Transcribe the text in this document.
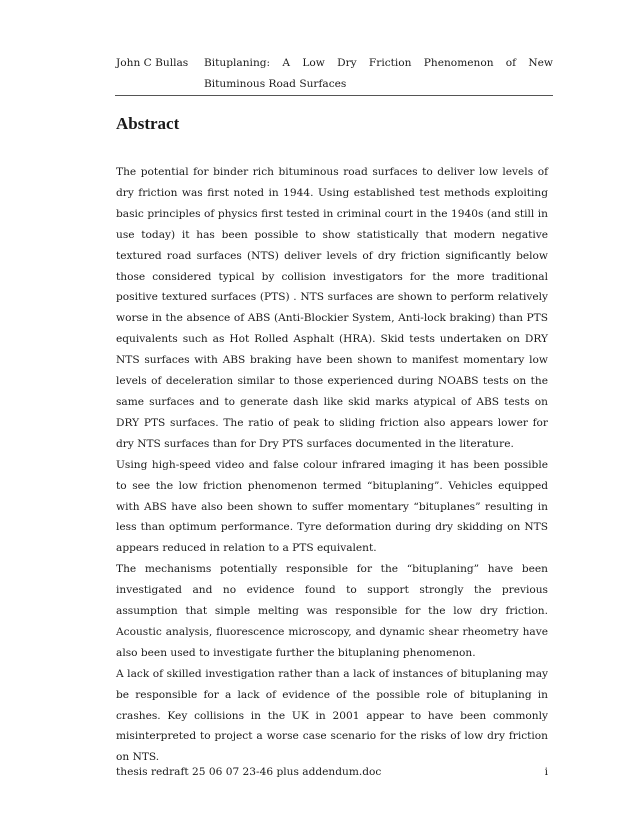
John C Bullas Bituplaning: A Low Dry Friction Phenomenon of New Bituminous Road Surfaces
Abstract

The potential for binder rich bituminous road surfaces to deliver low levels of dry friction was first noted in 1944. Using established test methods exploiting basic principles of physics first tested in criminal court in the 1940s (and still in use today) it has been possible to show statistically that modern negative textured road surfaces (NTS) deliver levels of dry friction significantly below those considered typical by collision investigators for the more traditional positive textured surfaces (PTS) . NTS surfaces are shown to perform relatively worse in the absence of ABS (Anti-Blockier System, Anti-lock braking) than PTS equivalents such as Hot Rolled Asphalt (HRA). Skid tests undertaken on DRY NTS surfaces with ABS braking have been shown to manifest momentary low levels of deceleration similar to those experienced during NOABS tests on the same surfaces and to generate dash like skid marks atypical of ABS tests on DRY PTS surfaces. The ratio of peak to sliding friction also appears lower for dry NTS surfaces than for Dry PTS surfaces documented in the literature.

Using high-speed video and false colour infrared imaging it has been possible to see the low friction phenomenon termed “bituplaning”. Vehicles equipped with ABS have also been shown to suffer momentary “bituplanes” resulting in less than optimum performance. Tyre deformation during dry skidding on NTS appears reduced in relation to a PTS equivalent.

The mechanisms potentially responsible for the “bituplaning” have been investigated and no evidence found to support strongly the previous assumption that simple melting was responsible for the low dry friction. Acoustic analysis, fluorescence microscopy, and dynamic shear rheometry have also been used to investigate further the bituplaning phenomenon.

A lack of skilled investigation rather than a lack of instances of bituplaning may be responsible for a lack of evidence of the possible role of bituplaning in crashes. Key collisions in the UK in 2001 appear to have been commonly misinterpreted to project a worse case scenario for the risks of low dry friction on NTS.

thesis redraft 25 06 07 23-46 plus addendum.doc	i
